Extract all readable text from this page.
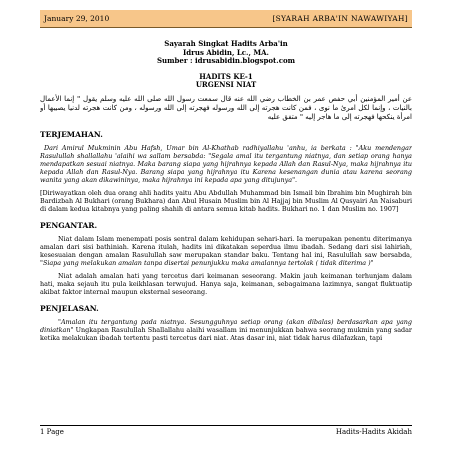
January 29, 2010	[SYARAH ARBA'IN NAWAWIYAH]
Sayarah Singkat Hadits Arba'in
Idrus Abidin, Lc., MA.
Sumber : idrusabidin.blogspot.com
HADITS KE-1
URGENSI NIAT
عن أمير المؤمنين أبي حفص عمر بن الخطاب رضي الله عنه قال سمعت رسول الله صلى الله عليه وسلم يقول " إنما الأعمال بالنيات ، وإنما لكل امرئ ما نوى ، فمن كانت هجرته إلى الله ورسوله فهجرته إلى الله ورسوله ، ومن كانت هجرته لدنيا يصيبها أو امرأة ينكحها فهجرته إلى ما هاجر إليه " متفق عليه
TERJEMAHAN.
Dari Amirul Mukminin Abu Hafsh, Umar bin Al-Khathab radhiyallahu 'anhu, ia berkata : "Aku mendengar Rasulullah shallallahu 'alaihi wa sallam bersabda: "Segala amal itu tergantung niatnya, dan setiap orang hanya mendapatkan sesuai niatnya. Maka barang siapa yang hijrahnya kepada Allah dan Rasul-Nya, maka hijrahnya itu kepada Allah dan Rasul-Nya. Barang siapa yang hijrahnya itu Karena kesenangan dunia atau karena seorang wanita yang akan dikawininya, maka hijrahnya ini kepada apa yang ditujunya".
[Diriwayatkan oleh dua orang ahli hadits yaitu Abu Abdullah Muhammad bin Ismail bin Ibrahim bin Mughirah bin Bardizbah Al Bukhari (orang Bukhara) dan Abul Husain Muslim bin Al Hajjaj bin Muslim Al Qusyairi An Naisaburi di dalam kedua kitabnya yang paling shahih di antara semua kitab hadits. Bukhari no. 1 dan Muslim no. 1907]
PENGANTAR.
Niat dalam Islam menempati posis sentral dalam kehidupan sehari-hari. Ia merupakan penentu diterimanya amalan dari sisi bathiniah. Karena itulah, hadits ini dikatakan seperdua ilmu ibadah. Sedang dari sisi lahiriah, kesesuaian dengan amalan Rasulullah saw merupakan standar baku. Tentang hal ini, Rasulullah saw bersabda, "Siapa yang melakukan amalan tanpa disertai penunjukku maka amalannya tertolak ( tidak diterima )"
Niat adalah amalan hati yang tercetus dari keimanan seseorang. Makin jauh keimanan terhunjam dalam hati, maka sejauh itu pula keikhlasan terwujud. Hanya saja, keimanan, sebagaimana lazimnya, sangat fluktuatip akibat faktor internal maupun eksternal seseorang.
PENJELASAN.
"Amalan itu tergantung pada niatnya. Sesungguhnya setiap orang (akan dibalas) berdasarkan apa yang diniatkan" Ungkapan Rasulullah Shallallahu alaihi wasallam ini menunjukkan bahwa seorang mukmin yang sadar ketika melakukan ibadah tertentu pasti tercetus dari niat. Atas dasar ini, niat tidak harus dilafazkan, tapi
1 Page	Hadits-Hadits Akidah
